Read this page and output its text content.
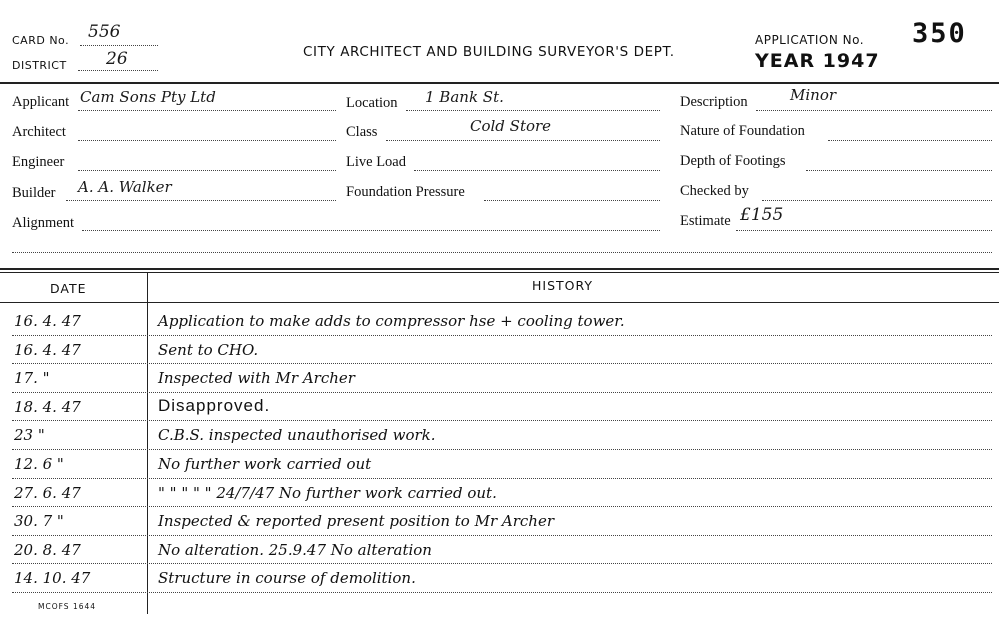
CARD No. 556
DISTRICT 26	CITY ARCHITECT AND BUILDING SURVEYOR'S DEPT.
APPLICATION No. 350
YEAR 1947
Applicant Cam Sons Pty Ltd
Architect
Engineer
Builder A. A. Walker
Alignment
Location 1 Bank St.
Class	Cold Store
Live Load
Foundation Pressure
Description	Minor
Nature of Foundation
Depth of Footings
Checked by
Estimate £155
DATE	HISTORY
16. 4. 47	Application to make adds to compressor hse + cooling tower.
16. 4. 47	Sent to CHO.
17. "	Inspected with Mr Archer
18. 4. 47	Disapproved.
23 "	C.B.S. inspected unauthorised work.
12. 6 "	No further work carried out
27. 6. 47	" " " " " 24/7/47 No further work carried out.
30. 7 "	Inspected & reported present position to Mr Archer
20. 8. 47	No alteration. 25.9.47 No alteration
14. 10. 47	Structure in course of demolition.
MCOFS 1644
